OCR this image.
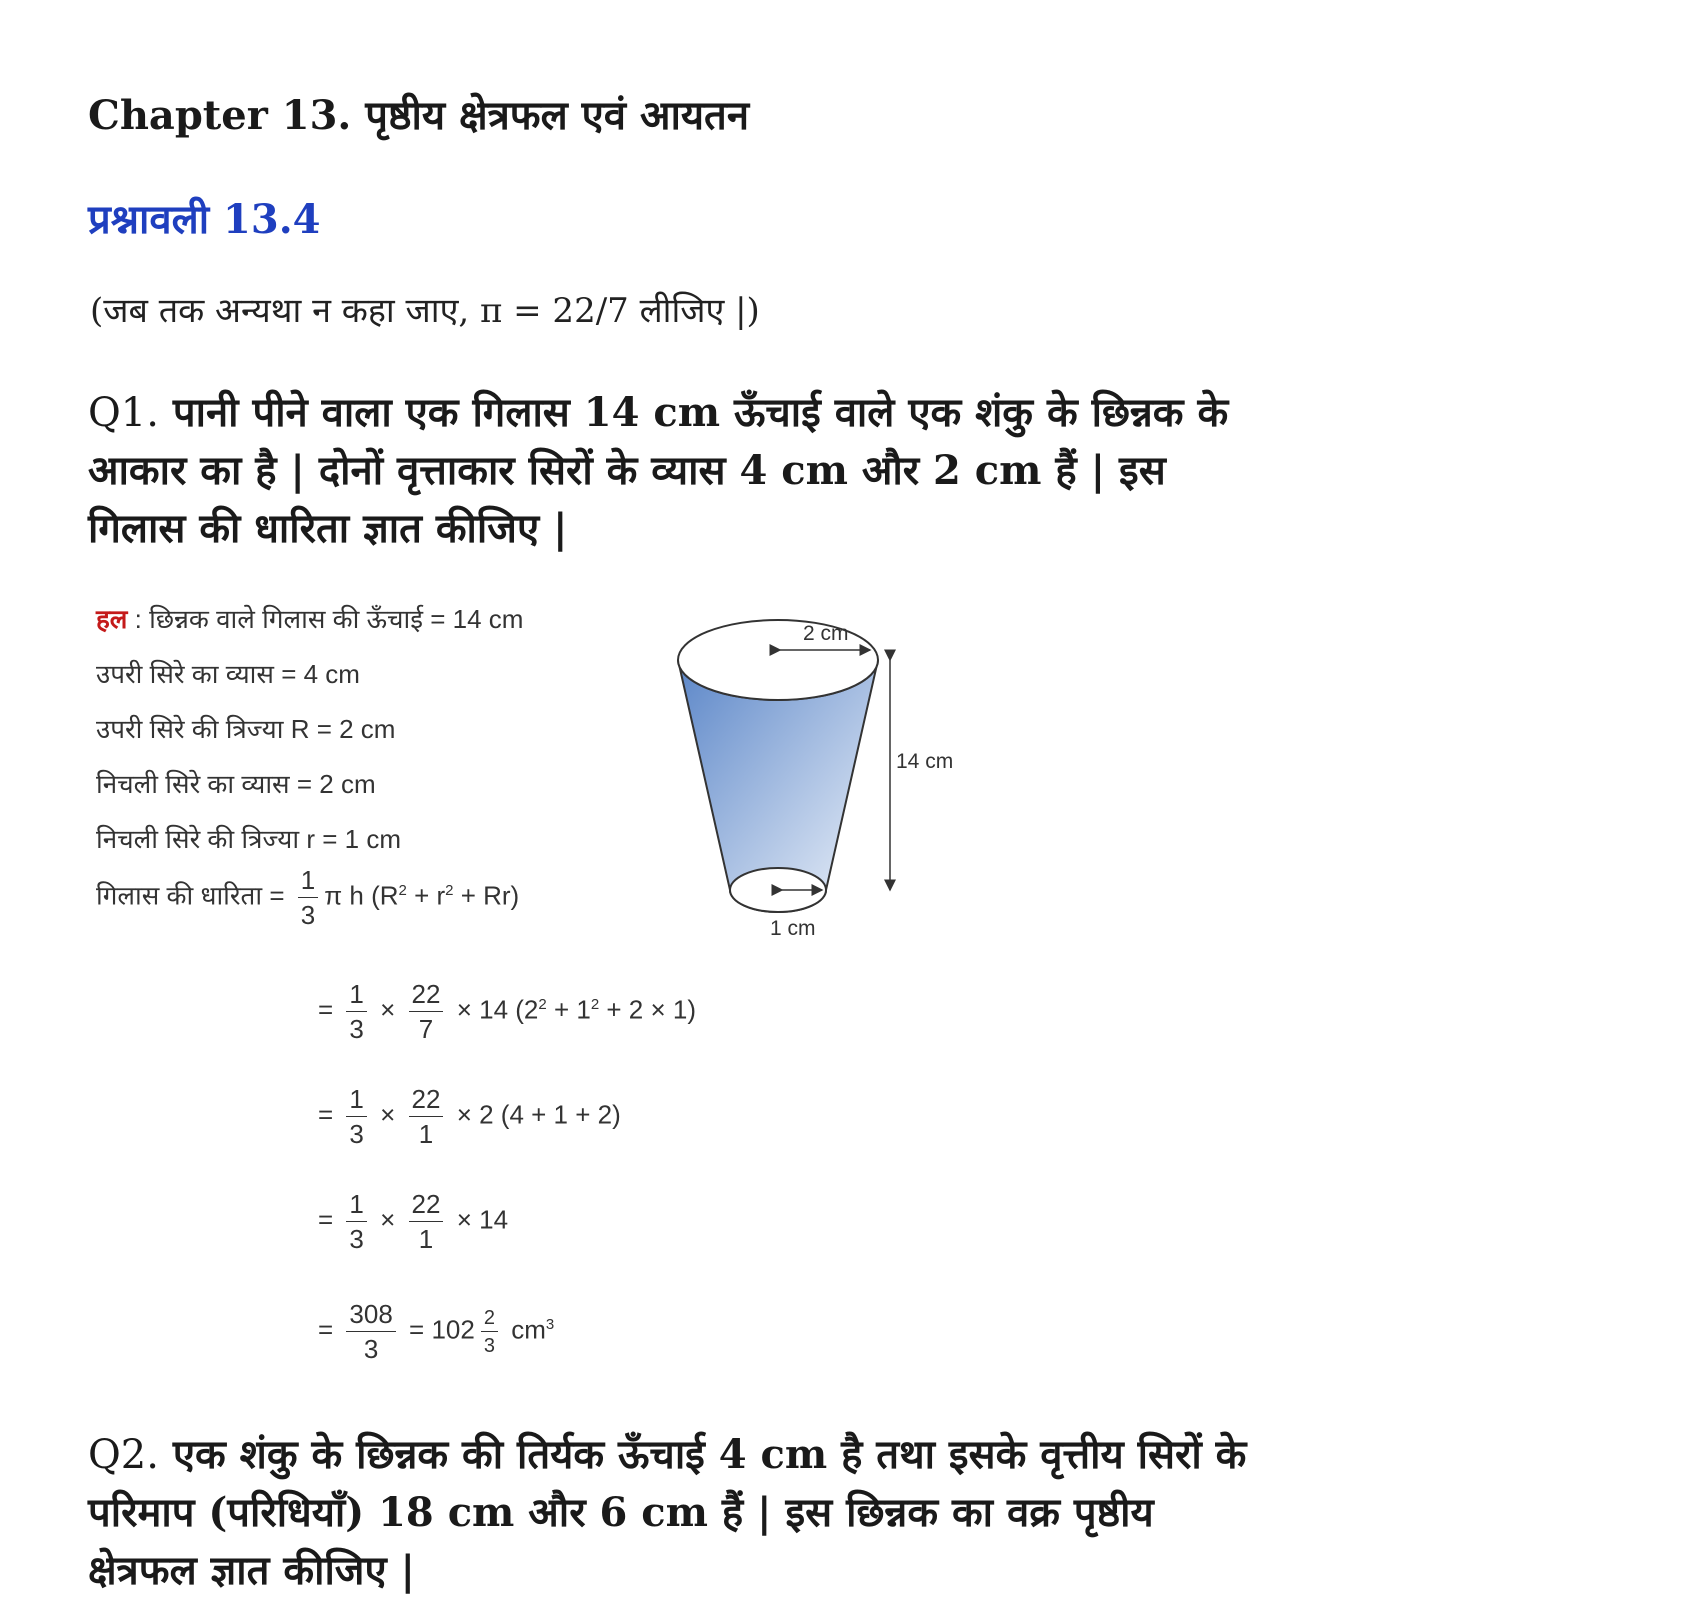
Chapter 13. पृष्ठीय क्षेत्रफल एवं आयतन
प्रश्नावली 13.4
(जब तक अन्यथा न कहा जाए, π = 22/7 लीजिए |)
Q1. पानी पीने वाला एक गिलास 14 cm ऊँचाई वाले एक शंकु के छिन्नक के आकार का है | दोनों वृत्ताकार सिरों के व्यास 4 cm और 2 cm हैं | इस गिलास की धारिता ज्ञात कीजिए |
हल : छिन्नक वाले गिलास की ऊँचाई = 14 cm
उपरी सिरे का व्यास = 4 cm
उपरी सिरे की त्रिज्या R = 2 cm
निचली सिरे का व्यास = 2 cm
निचली सिरे की त्रिज्या r = 1 cm
गिलास की धारिता = $\frac{1}{3}$ π h $(R^2 + r^2 + Rr)$
= $\frac{1}{3} \times \frac{22}{7} \times 14$ $(2^2 + 1^2 + 2 \times 1)$
= $\frac{1}{3} \times \frac{22}{1} \times 2$ (4 + 1 + 2)
= $\frac{1}{3} \times \frac{22}{1} \times 14$
= $\frac{308}{3} = 102 \frac{2}{3} cm^3$
2 cm
14 cm
1 cm
Q2. एक शंकु के छिन्नक की तिर्यक ऊँचाई 4 cm है तथा इसके वृत्तीय सिरों के परिमाप (परिधियाँ) 18 cm और 6 cm हैं | इस छिन्नक का वक्र पृष्ठीय क्षेत्रफल ज्ञात कीजिए |
